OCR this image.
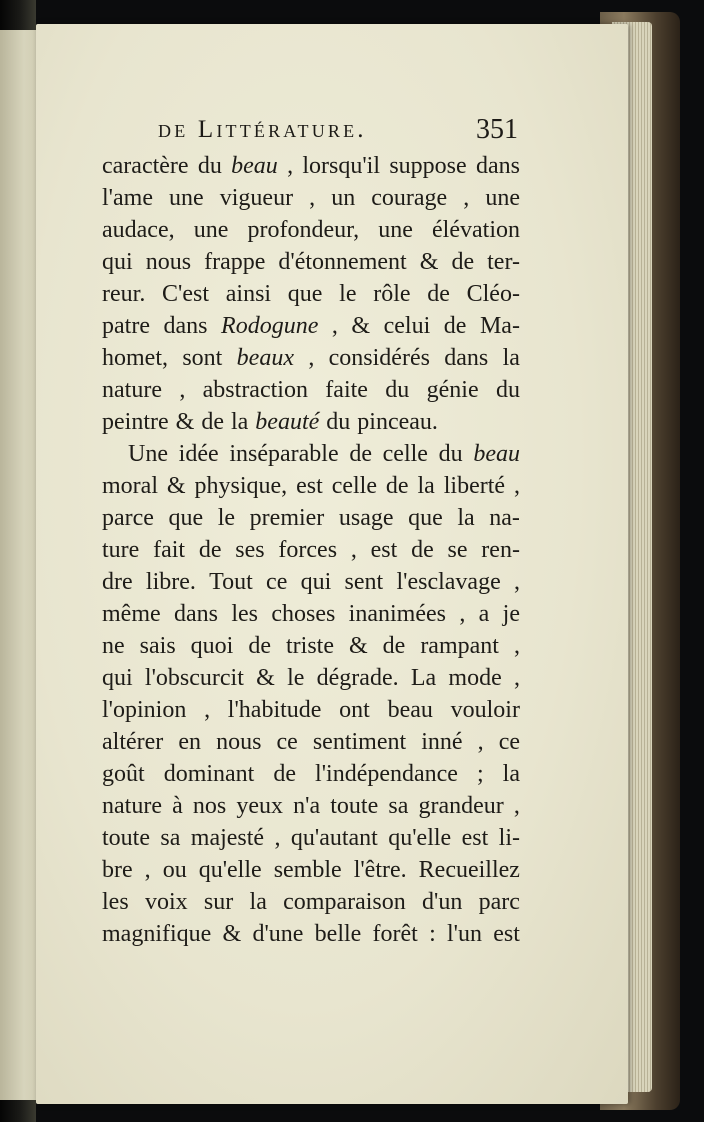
de Littérature.	351
caractère du beau , lorsqu'il suppose dans
l'ame une vigueur , un courage , une
audace, une profondeur, une élévation
qui nous frappe d'étonnement & de ter-
reur. C'est ainsi que le rôle de Cléo-
patre dans Rodogune , & celui de Ma-
homet, sont beaux , considérés dans la
nature , abstraction faite du génie du
peintre & de la beauté du pinceau.
Une idée inséparable de celle du beau
moral & physique, est celle de la liberté ,
parce que le premier usage que la na-
ture fait de ses forces , est de se ren-
dre libre. Tout ce qui sent l'esclavage ,
même dans les choses inanimées , a je
ne sais quoi de triste & de rampant ,
qui l'obscurcit & le dégrade. La mode ,
l'opinion , l'habitude ont beau vouloir
altérer en nous ce sentiment inné , ce
goût dominant de l'indépendance ; la
nature à nos yeux n'a toute sa grandeur ,
toute sa majesté , qu'autant qu'elle est li-
bre , ou qu'elle semble l'être. Recueillez
les voix sur la comparaison d'un parc
magnifique & d'une belle forêt : l'un est
